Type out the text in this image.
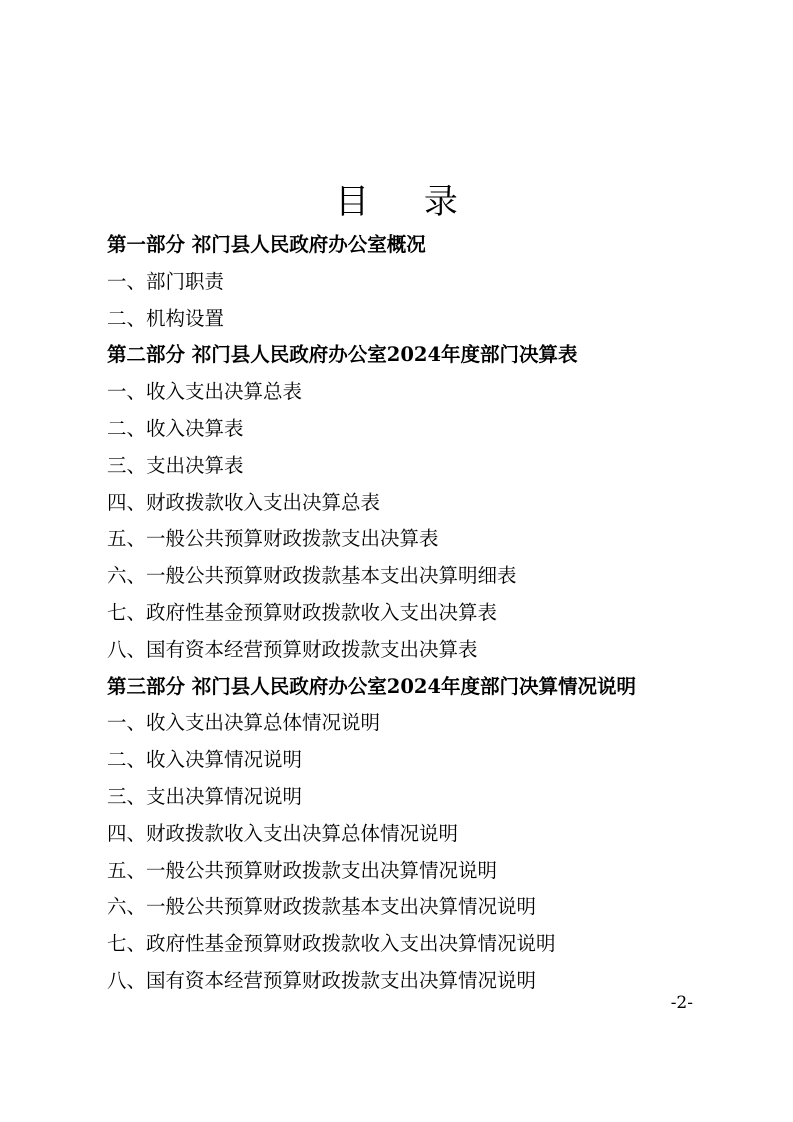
目 录
第一部分 祁门县人民政府办公室概况
一、部门职责
二、机构设置
第二部分 祁门县人民政府办公室2024年度部门决算表
一、收入支出决算总表
二、收入决算表
三、支出决算表
四、财政拨款收入支出决算总表
五、一般公共预算财政拨款支出决算表
六、一般公共预算财政拨款基本支出决算明细表
七、政府性基金预算财政拨款收入支出决算表
八、国有资本经营预算财政拨款支出决算表
第三部分 祁门县人民政府办公室2024年度部门决算情况说明
一、收入支出决算总体情况说明
二、收入决算情况说明
三、支出决算情况说明
四、财政拨款收入支出决算总体情况说明
五、一般公共预算财政拨款支出决算情况说明
六、一般公共预算财政拨款基本支出决算情况说明
七、政府性基金预算财政拨款收入支出决算情况说明
八、国有资本经营预算财政拨款支出决算情况说明
-2-
